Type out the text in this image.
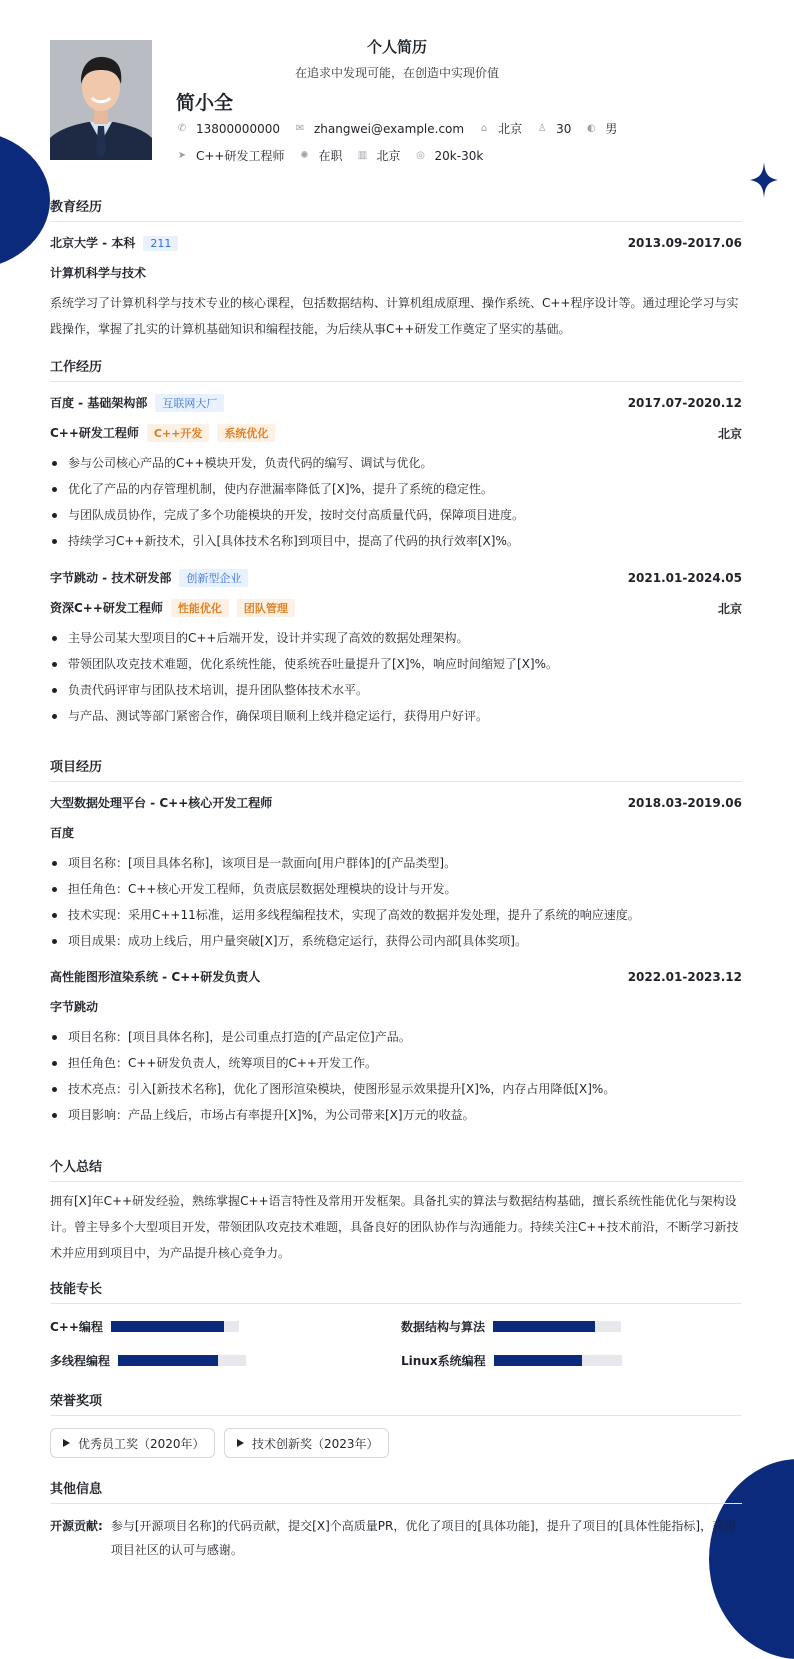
个人简历
在追求中发现可能，在创造中实现价值
简小全
✆ 13800000000 ✉ zhangwei@example.com ⌂ 北京 ♙ 30 ◐ 男
➤ C++研发工程师 ✺ 在职 ▥ 北京 ◎ 20k-30k
教育经历
北京大学 - 本科 211	2013.09-2017.06
计算机科学与技术
系统学习了计算机科学与技术专业的核心课程，包括数据结构、计算机组成原理、操作系统、C++程序设计等。通过理论学习与实践操作，掌握了扎实的计算机基础知识和编程技能，为后续从事C++研发工作奠定了坚实的基础。
工作经历
百度 - 基础架构部 互联网大厂	2017.07-2020.12
C++研发工程师 C++开发 系统优化	北京
参与公司核心产品的C++模块开发，负责代码的编写、调试与优化。
优化了产品的内存管理机制，使内存泄漏率降低了[X]%，提升了系统的稳定性。
与团队成员协作，完成了多个功能模块的开发，按时交付高质量代码，保障项目进度。
持续学习C++新技术，引入[具体技术名称]到项目中，提高了代码的执行效率[X]%。
字节跳动 - 技术研发部 创新型企业	2021.01-2024.05
资深C++研发工程师 性能优化 团队管理	北京
主导公司某大型项目的C++后端开发，设计并实现了高效的数据处理架构。
带领团队攻克技术难题，优化系统性能，使系统吞吐量提升了[X]%，响应时间缩短了[X]%。
负责代码评审与团队技术培训，提升团队整体技术水平。
与产品、测试等部门紧密合作，确保项目顺利上线并稳定运行，获得用户好评。
项目经历
大型数据处理平台 - C++核心开发工程师	2018.03-2019.06
百度
项目名称：[项目具体名称]，该项目是一款面向[用户群体]的[产品类型]。
担任角色：C++核心开发工程师，负责底层数据处理模块的设计与开发。
技术实现：采用C++11标准，运用多线程编程技术，实现了高效的数据并发处理，提升了系统的响应速度。
项目成果：成功上线后，用户量突破[X]万，系统稳定运行，获得公司内部[具体奖项]。
高性能图形渲染系统 - C++研发负责人	2022.01-2023.12
字节跳动
项目名称：[项目具体名称]，是公司重点打造的[产品定位]产品。
担任角色：C++研发负责人，统筹项目的C++开发工作。
技术亮点：引入[新技术名称]，优化了图形渲染模块，使图形显示效果提升[X]%，内存占用降低[X]%。
项目影响：产品上线后，市场占有率提升[X]%，为公司带来[X]万元的收益。
个人总结
拥有[X]年C++研发经验，熟练掌握C++语言特性及常用开发框架。具备扎实的算法与数据结构基础，擅长系统性能优化与架构设计。曾主导多个大型项目开发，带领团队攻克技术难题，具备良好的团队协作与沟通能力。持续关注C++技术前沿，不断学习新技术并应用到项目中，为产品提升核心竞争力。
技能专长
C++编程	数据结构与算法
多线程编程	Linux系统编程
荣誉奖项
优秀员工奖（2020年）	技术创新奖（2023年）
其他信息
开源贡献: 参与[开源项目名称]的代码贡献，提交[X]个高质量PR，优化了项目的[具体功能]，提升了项目的[具体性能指标]，获得项目社区的认可与感谢。
